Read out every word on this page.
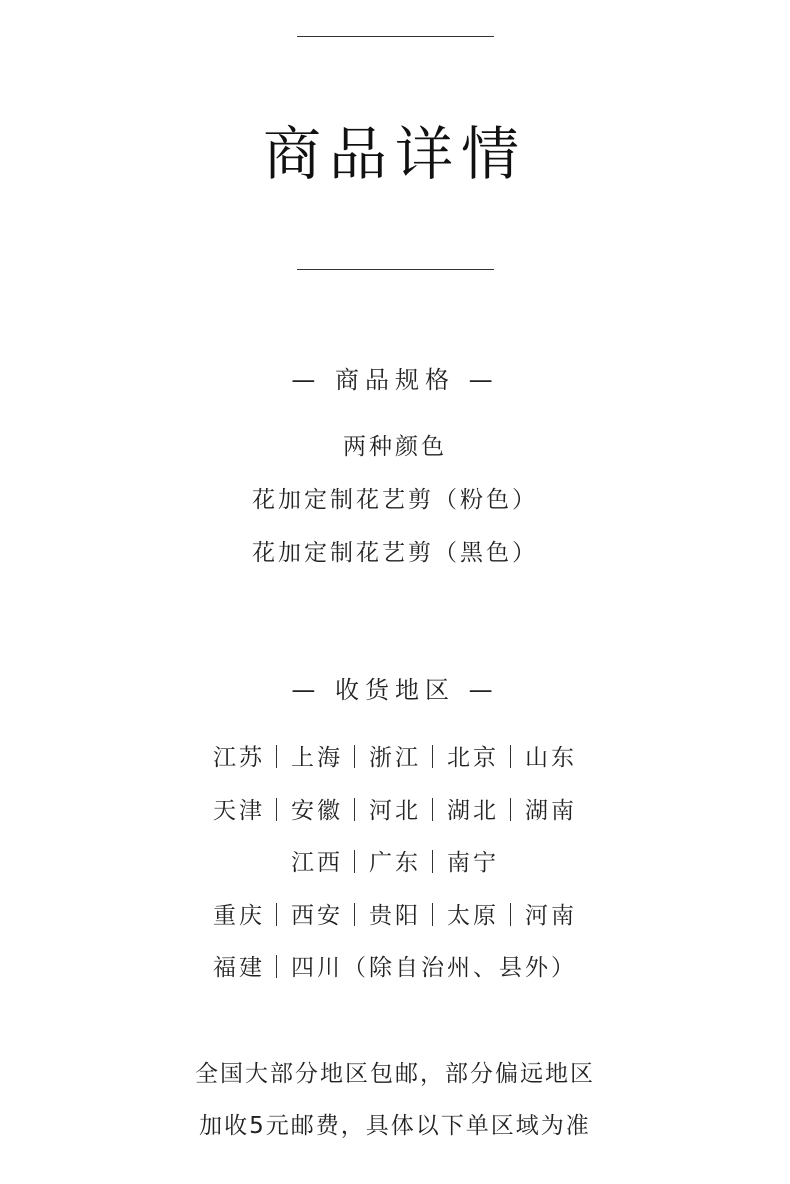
商品详情
— 商品规格 —
两种颜色
花加定制花艺剪（粉色）
花加定制花艺剪（黑色）
— 收货地区 —
江苏｜上海｜浙江｜北京｜山东
天津｜安徽｜河北｜湖北｜湖南
江西｜广东｜南宁
重庆｜西安｜贵阳｜太原｜河南
福建｜四川（除自治州、县外）
全国大部分地区包邮，部分偏远地区
加收5元邮费，具体以下单区域为准
